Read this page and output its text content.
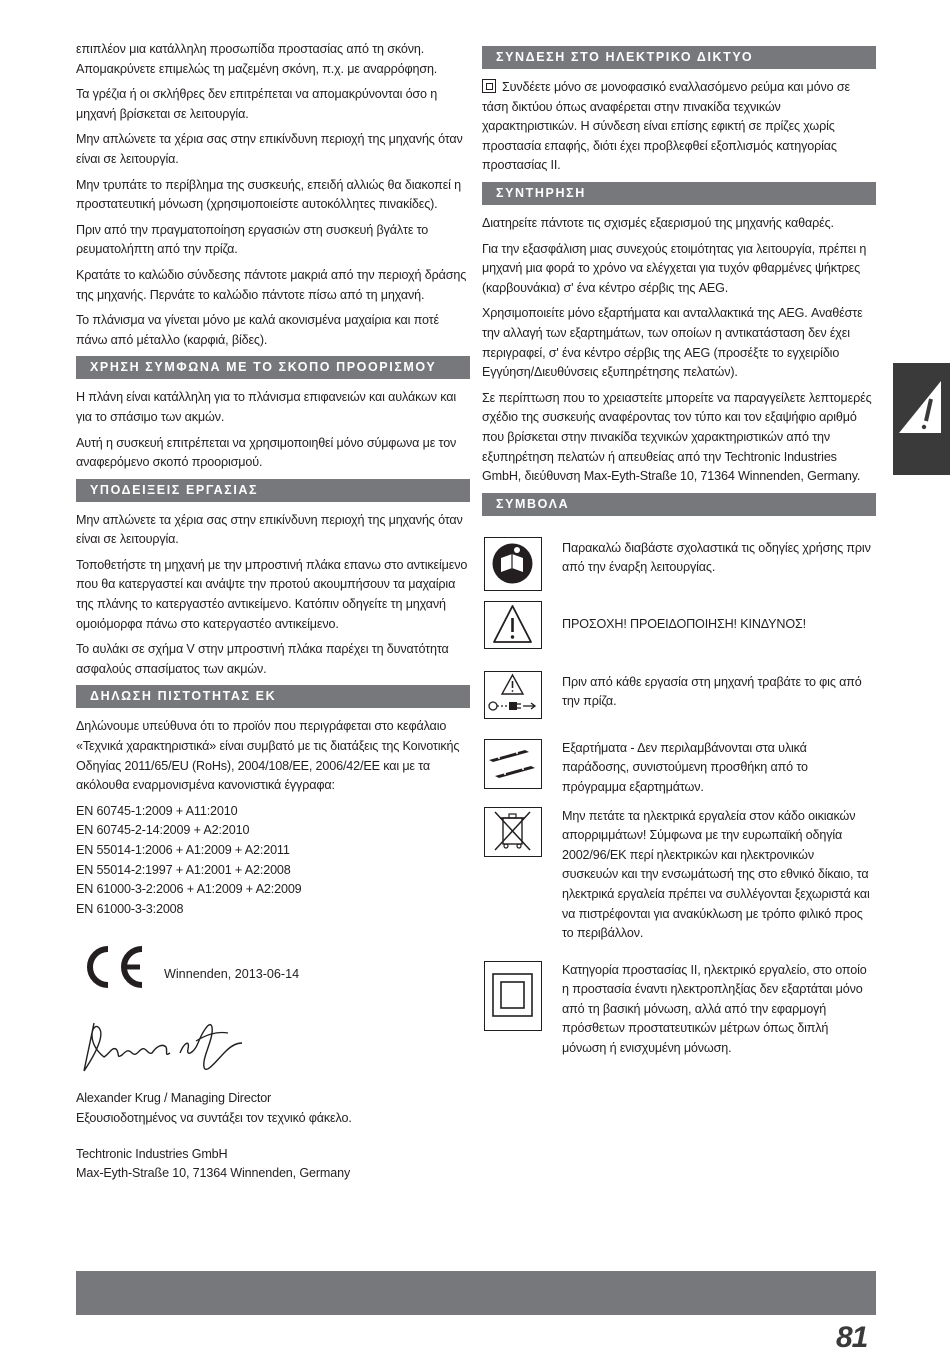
επιπλέον μια κατάλληλη προσωπίδα προστασίας από τη σκόνη. Απομακρύνετε επιμελώς τη μαζεμένη σκόνη, π.χ. με αναρρόφηση.

Τα γρέζια ή οι σκλήθρες δεν επιτρέπεται να απομακρύνονται όσο η μηχανή βρίσκεται σε λειτουργία.

Μην απλώνετε τα χέρια σας στην επικίνδυνη περιοχή της μηχανής όταν είναι σε λειτουργία.

Μην τρυπάτε το περίβλημα της συσκευής, επειδή αλλιώς θα διακοπεί η προστατευτική μόνωση (χρησιμοποιείστε αυτοκόλλητες πινακίδες).

Πριν από την πραγματοποίηση εργασιών στη συσκευή βγάλτε το ρευματολήπτη από την πρίζα.

Κρατάτε το καλώδιο σύνδεσης πάντοτε μακριά από την περιοχή δράσης της μηχανής. Περνάτε το καλώδιο πάντοτε πίσω από τη μηχανή.

Το πλάνισμα να γίνεται μόνο με καλά ακονισμένα μαχαίρια και ποτέ πάνω από μέταλλο (καρφιά, βίδες).

ΧΡΗΣΗ ΣΥΜΦΩΝΑ ΜΕ ΤΟ ΣΚΟΠΟ ΠΡΟΟΡΙΣΜΟΥ

Η πλάνη είναι κατάλληλη για το πλάνισμα επιφανειών και αυλάκων και για το σπάσιμο των ακμών.

Αυτή η συσκευή επιτρέπεται να χρησιμοποιηθεί μόνο σύμφωνα με τον αναφερόμενο σκοπό προορισμού.

ΥΠΟΔΕΙΞΕΙΣ ΕΡΓΑΣΙΑΣ

Μην απλώνετε τα χέρια σας στην επικίνδυνη περιοχή της μηχανής όταν είναι σε λειτουργία.

Τοποθετήστε τη μηχανή με την μπροστινή πλάκα επανω στο αντικείμενο που θα κατεργαστεί και ανάψτε την προτού ακουμπήσουν τα μαχαίρια της πλάνης το κατεργαστέο αντικείμενο. Κατόπιν οδηγείτε τη μηχανή ομοιόμορφα πάνω στο κατεργαστέο αντικείμενο.

Το αυλάκι σε σχήμα V στην μπροστινή πλάκα παρέχει τη δυνατότητα ασφαλούς σπασίματος των ακμών.

ΔΗΛΩΣΗ ΠΙΣΤΟΤΗΤΑΣ ΕΚ

Δηλώνουμε υπεύθυνα ότι το προϊόν που περιγράφεται στο κεφάλαιο «Τεχνικά χαρακτηριστικά» είναι συμβατό με τις διατάξεις της Κοινοτικής Οδηγίας 2011/65/EU (RoHs), 2004/108/EE, 2006/42/EE και με τα ακόλουθα εναρμονισμένα κανονιστικά έγγραφα:

EN 60745-1:2009 + A11:2010

EN 60745-2-14:2009 + A2:2010

EN 55014-1:2006 + A1:2009 + A2:2011

EN 55014-2:1997 + A1:2001 + A2:2008

EN 61000-3-2:2006 + A1:2009 + A2:2009

EN 61000-3-3:2008

Winnenden, 2013-06-14

Alexander Krug / Managing Director

Εξουσιοδοτημένος να συντάξει τον τεχνικό φάκελο.

Techtronic Industries GmbH

Max-Eyth-Straße 10, 71364 Winnenden, Germany

ΣΥΝΔΕΣΗ ΣΤΟ ΗΛΕΚΤΡΙΚΟ ΔΙΚΤΥΟ

Συνδέετε μόνο σε μονοφασικό εναλλασόμενο ρεύμα και μόνο σε τάση δικτύου όπως αναφέρεται στην πινακίδα τεχνικών χαρακτηριστικών. Η σύνδεση είναι επίσης εφικτή σε πρίζες χωρίς προστασία επαφής, διότι έχει προβλεφθεί εξοπλισμός κατηγορίας προστασίας II.

ΣΥΝΤΗΡΗΣΗ

Διατηρείτε πάντοτε τις σχισμές εξαερισμού της μηχανής καθαρές.

Για την εξασφάλιση μιας συνεχούς ετοιμότητας για λειτουργία, πρέπει η μηχανή μια φορά το χρόνο να ελέγχεται για τυχόν φθαρμένες ψήκτρες (καρβουνάκια) σ' ένα κέντρο σέρβις της AEG.

Χρησιμοποιείτε μόνο εξαρτήματα και ανταλλακτικά της AEG. Αναθέστε την αλλαγή των εξαρτημάτων, των οποίων η αντικατάσταση δεν έχει περιγραφεί, σ' ένα κέντρο σέρβις της AEG (προσέξτε το εγχειρίδιο Εγγύηση/Διευθύνσεις εξυπηρέτησης πελατών).

Σε περίπτωση που το χρειαστείτε μπορείτε να παραγγείλετε λεπτομερές σχέδιο της συσκευής αναφέροντας τον τύπο και τον εξαψήφιο αριθμό που βρίσκεται στην πινακίδα τεχνικών χαρακτηριστικών από την εξυπηρέτηση πελατών ή απευθείας από την Techtronic Industries GmbH, διεύθυνση Max-Eyth-Straße 10, 71364 Winnenden, Germany.

ΣΥΜΒΟΛΑ
Παρακαλώ διαβάστε σχολαστικά τις οδηγίες χρήσης πριν από την έναρξη λειτουργίας.
ΠΡΟΣΟΧΗ! ΠΡΟΕΙΔΟΠΟΙΗΣΗ! ΚΙΝΔΥΝΟΣ!
Πριν από κάθε εργασία στη μηχανή τραβάτε το φις από την πρίζα.
Εξαρτήματα - Δεν περιλαμβάνονται στα υλικά παράδοσης, συνιστούμενη προσθήκη από το πρόγραμμα εξαρτημάτων.
Μην πετάτε τα ηλεκτρικά εργαλεία στον κάδο οικιακών απορριμμάτων! Σύμφωνα με την ευρωπαϊκή οδηγία 2002/96/ΕΚ περί ηλεκτρικών και ηλεκτρονικών συσκευών και την ενσωμάτωσή της στο εθνικό δίκαιο, τα ηλεκτρικά εργαλεία πρέπει να συλλέγονται ξεχωριστά και να πιστρέφονται για ανακύκλωση με τρόπο φιλικό προς το περιβάλλον.
Κατηγορία προστασίας II, ηλεκτρικό εργαλείο, στο οποίο η προστασία έναντι ηλεκτροπληξίας δεν εξαρτάται μόνο από τη βασική μόνωση, αλλά από την εφαρμογή πρόσθετων προστατευτικών μέτρων όπως διπλή μόνωση ή ενισχυμένη μόνωση.
81
